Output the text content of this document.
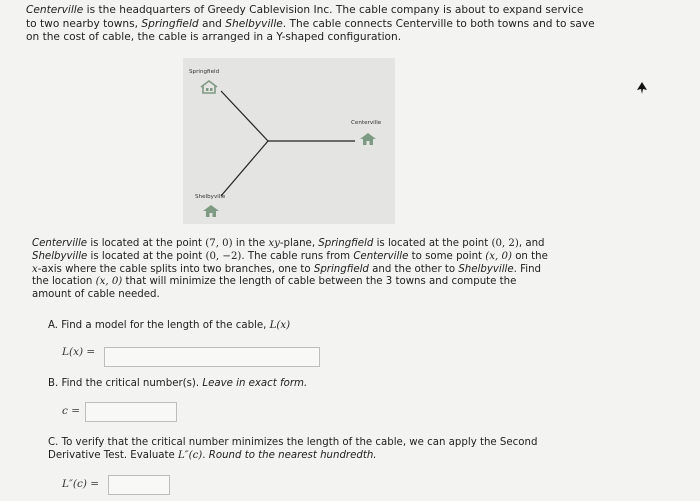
Centerville is the headquarters of Greedy Cablevision Inc. The cable company is about to expand service to two nearby towns, Springfield and Shelbyville. The cable connects Centerville to both towns and to save on the cost of cable, the cable is arranged in a Y-shaped configuration.
Springfield
Centerville
Shelbyville
Centerville is located at the point (7, 0) in the xy-plane, Springfield is located at the point (0, 2), and Shelbyville is located at the point (0, −2). The cable runs from Centerville to some point (x, 0) on the x-axis where the cable splits into two branches, one to Springfield and the other to Shelbyville. Find the location (x, 0) that will minimize the length of cable between the 3 towns and compute the amount of cable needed.
A. Find a model for the length of the cable, L(x)
L(x) =
B. Find the critical number(s). Leave in exact form.
c =
C. To verify that the critical number minimizes the length of the cable, we can apply the Second
Derivative Test. Evaluate L″(c). Round to the nearest hundredth.
L″(c) =
